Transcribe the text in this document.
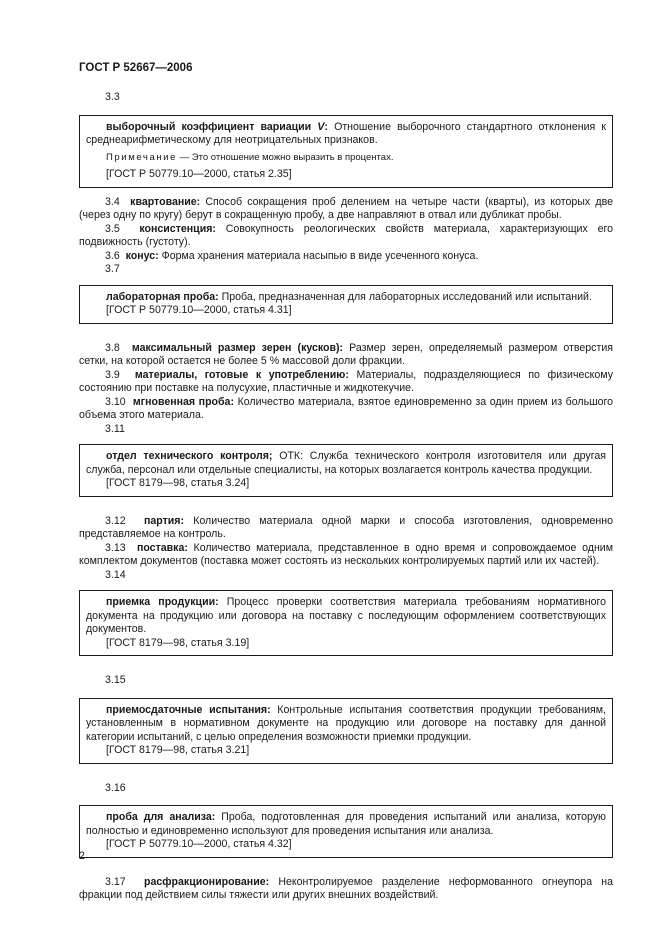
ГОСТ Р 52667—2006
3.3

выборочный коэффициент вариации V: Отношение выборочного стандартного отклонения к среднеарифметическому для неотрицательных признаков.

Примечание — Это отношение можно выразить в процентах.

[ГОСТ Р 50779.10—2000, статья 2.35]

3.4 квартование: Способ сокращения проб делением на четыре части (кварты), из которых две (через одну по кругу) берут в сокращенную пробу, а две направляют в отвал или дубликат пробы.

3.5 консистенция: Совокупность реологических свойств материала, характеризующих его подвижность (густоту).

3.6 конус: Форма хранения материала насыпью в виде усеченного конуса.

3.7

лабораторная проба: Проба, предназначенная для лабораторных исследований или испытаний.

[ГОСТ Р 50779.10—2000, статья 4.31]

3.8 максимальный размер зерен (кусков): Размер зерен, определяемый размером отверстия сетки, на которой остается не более 5 % массовой доли фракции.

3.9 материалы, готовые к употреблению: Материалы, подразделяющиеся по физическому состоянию при поставке на полусухие, пластичные и жидкотекучие.

3.10 мгновенная проба: Количество материала, взятое единовременно за один прием из большого объема этого материала.

3.11

отдел технического контроля; ОТК: Служба технического контроля изготовителя или другая служба, персонал или отдельные специалисты, на которых возлагается контроль качества продукции.

[ГОСТ 8179—98, статья 3.24]

3.12 партия: Количество материала одной марки и способа изготовления, одновременно представляемое на контроль.

3.13 поставка: Количество материала, представленное в одно время и сопровождаемое одним комплектом документов (поставка может состоять из нескольких контролируемых партий или их частей).

3.14

приемка продукции: Процесс проверки соответствия материала требованиям нормативного документа на продукцию или договора на поставку с последующим оформлением соответствующих документов.

[ГОСТ 8179—98, статья 3.19]

3.15

приемосдаточные испытания: Контрольные испытания соответствия продукции требованиям, установленным в нормативном документе на продукцию или договоре на поставку для данной категории испытаний, с целью определения возможности приемки продукции.

[ГОСТ 8179—98, статья 3.21]

3.16

проба для анализа: Проба, подготовленная для проведения испытаний или анализа, которую полностью и единовременно используют для проведения испытания или анализа.

[ГОСТ Р 50779.10—2000, статья 4.32]

3.17 расфракционирование: Неконтролируемое разделение неформованного огнеупора на фракции под действием силы тяжести или других внешних воздействий.

2
